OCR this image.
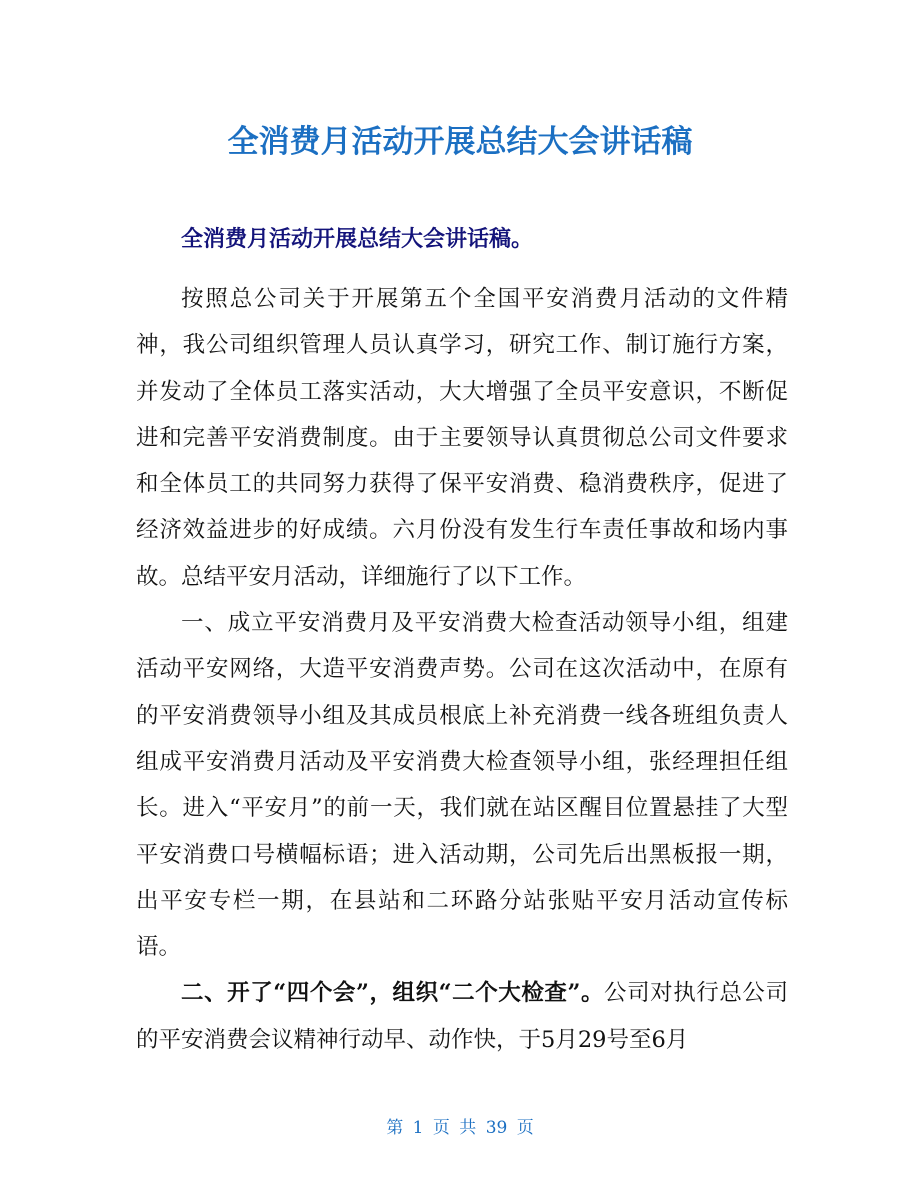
全消费月活动开展总结大会讲话稿
全消费月活动开展总结大会讲话稿。

按照总公司关于开展第五个全国平安消费月活动的文件精神，我公司组织管理人员认真学习，研究工作、制订施行方案，并发动了全体员工落实活动，大大增强了全员平安意识，不断促进和完善平安消费制度。由于主要领导认真贯彻总公司文件要求和全体员工的共同努力获得了保平安消费、稳消费秩序，促进了经济效益进步的好成绩。六月份没有发生行车责任事故和场内事故。总结平安月活动，详细施行了以下工作。

一、成立平安消费月及平安消费大检查活动领导小组，组建活动平安网络，大造平安消费声势。公司在这次活动中，在原有的平安消费领导小组及其成员根底上补充消费一线各班组负责人组成平安消费月活动及平安消费大检查领导小组，张经理担任组长。进入“平安月”的前一天，我们就在站区醒目位置悬挂了大型平安消费口号横幅标语；进入活动期，公司先后出黑板报一期，出平安专栏一期，在县站和二环路分站张贴平安月活动宣传标语。

二、开了“四个会”，组织“二个大检查”。公司对执行总公司的平安消费会议精神行动早、动作快，于5月29号至6月

第 1 页 共 39 页
